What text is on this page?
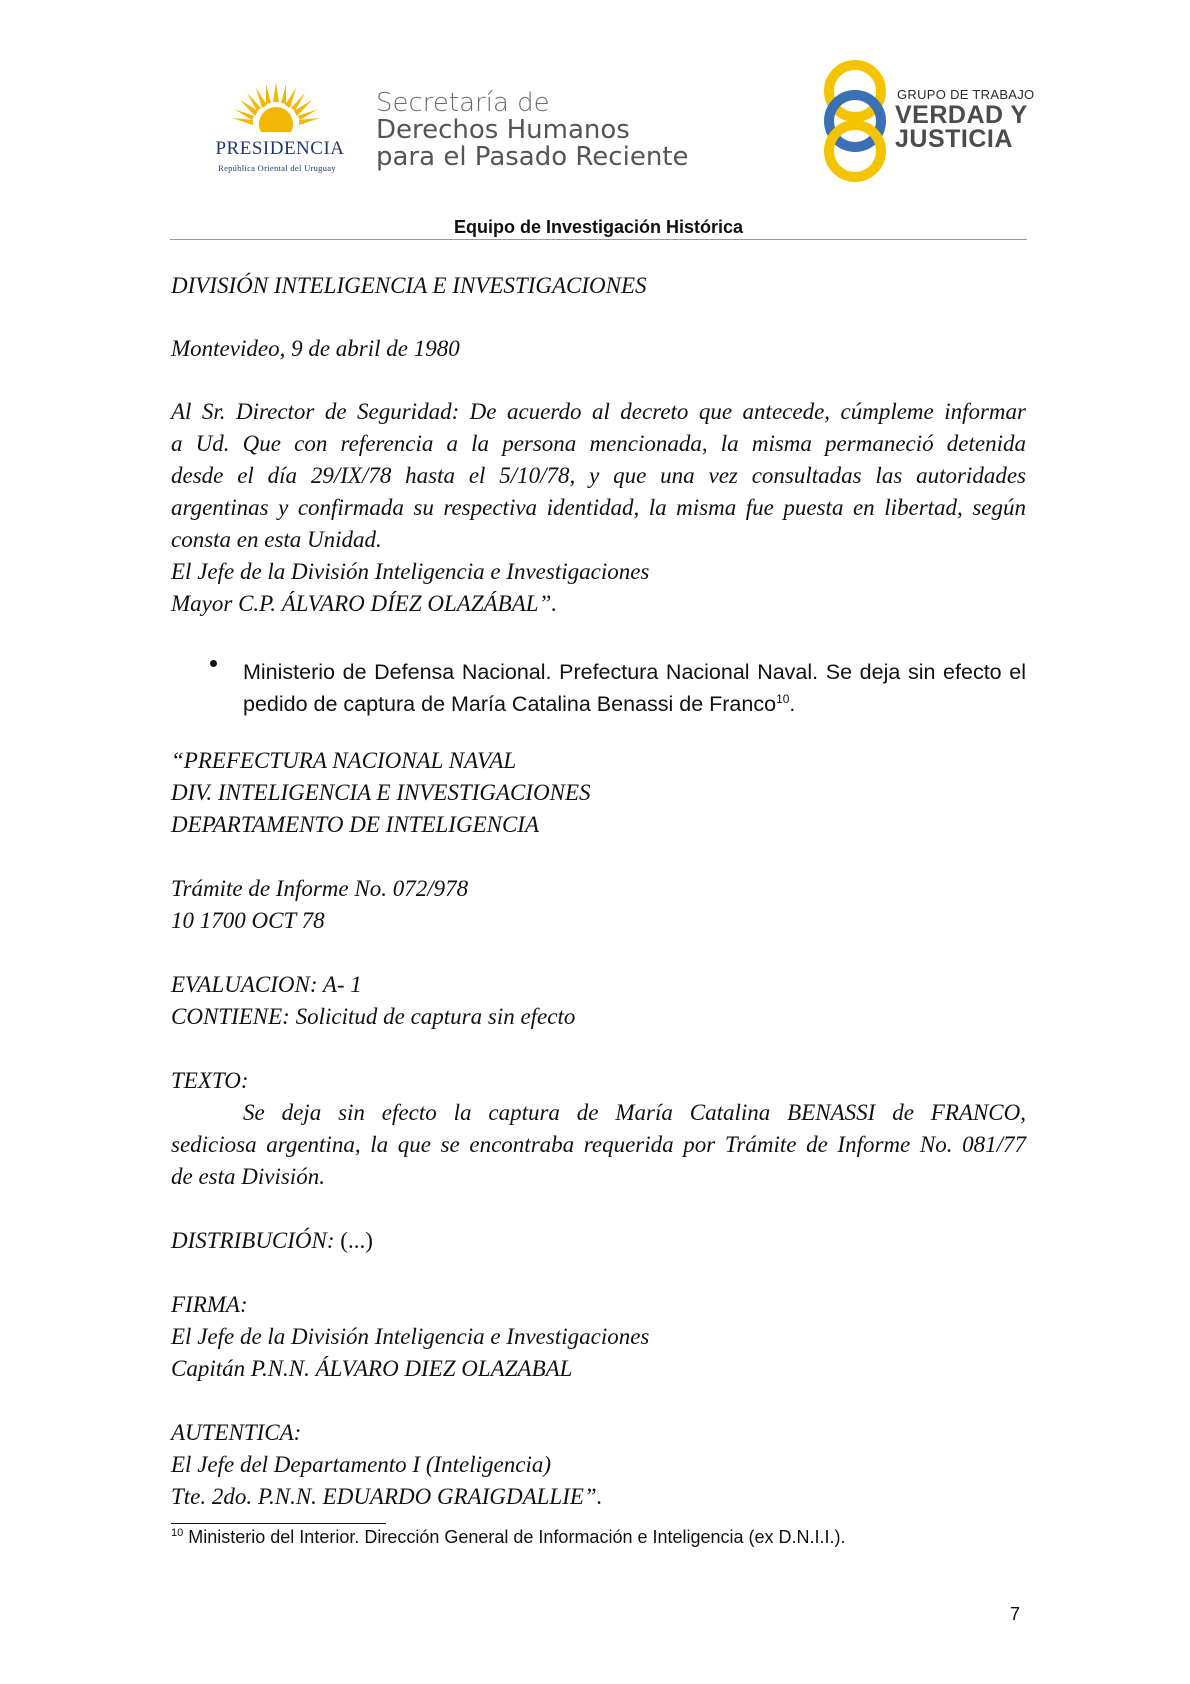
PRESIDENCIA
República Oriental del Uruguay
Secretaría de
Derechos Humanos
para el Pasado Reciente
GRUPO DE TRABAJO
VERDAD Y
JUSTICIA
Equipo de Investigación Histórica
DIVISIÓN INTELIGENCIA E INVESTIGACIONES
Montevideo, 9 de abril de 1980
Al Sr. Director de Seguridad: De acuerdo al decreto que antecede, cúmpleme informar
a Ud. Que con referencia a la persona mencionada, la misma permaneció detenida
desde el día 29/IX/78 hasta el 5/10/78, y que una vez consultadas las autoridades
argentinas y confirmada su respectiva identidad, la misma fue puesta en libertad, según
consta en esta Unidad.
El Jefe de la División Inteligencia e Investigaciones
Mayor C.P. ÁLVARO DÍEZ OLAZÁBAL”.
Ministerio de Defensa Nacional. Prefectura Nacional Naval. Se deja sin efecto el pedido de captura de María Catalina Benassi de Franco$^{10}$.
“PREFECTURA NACIONAL NAVAL
DIV. INTELIGENCIA E INVESTIGACIONES
DEPARTAMENTO DE INTELIGENCIA
Trámite de Informe No. 072/978
10 1700 OCT 78
EVALUACION: A- 1
CONTIENE: Solicitud de captura sin efecto
TEXTO:
Se deja sin efecto la captura de María Catalina BENASSI de FRANCO,
sediciosa argentina, la que se encontraba requerida por Trámite de Informe No. 081/77
de esta División.
DISTRIBUCIÓN: (...)
FIRMA:
El Jefe de la División Inteligencia e Investigaciones
Capitán P.N.N. ÁLVARO DIEZ OLAZABAL
AUTENTICA:
El Jefe del Departamento I (Inteligencia)
Tte. 2do. P.N.N. EDUARDO GRAIGDALLIE”.
$^{10}$ Ministerio del Interior. Dirección General de Información e Inteligencia (ex D.N.I.I.).
7
